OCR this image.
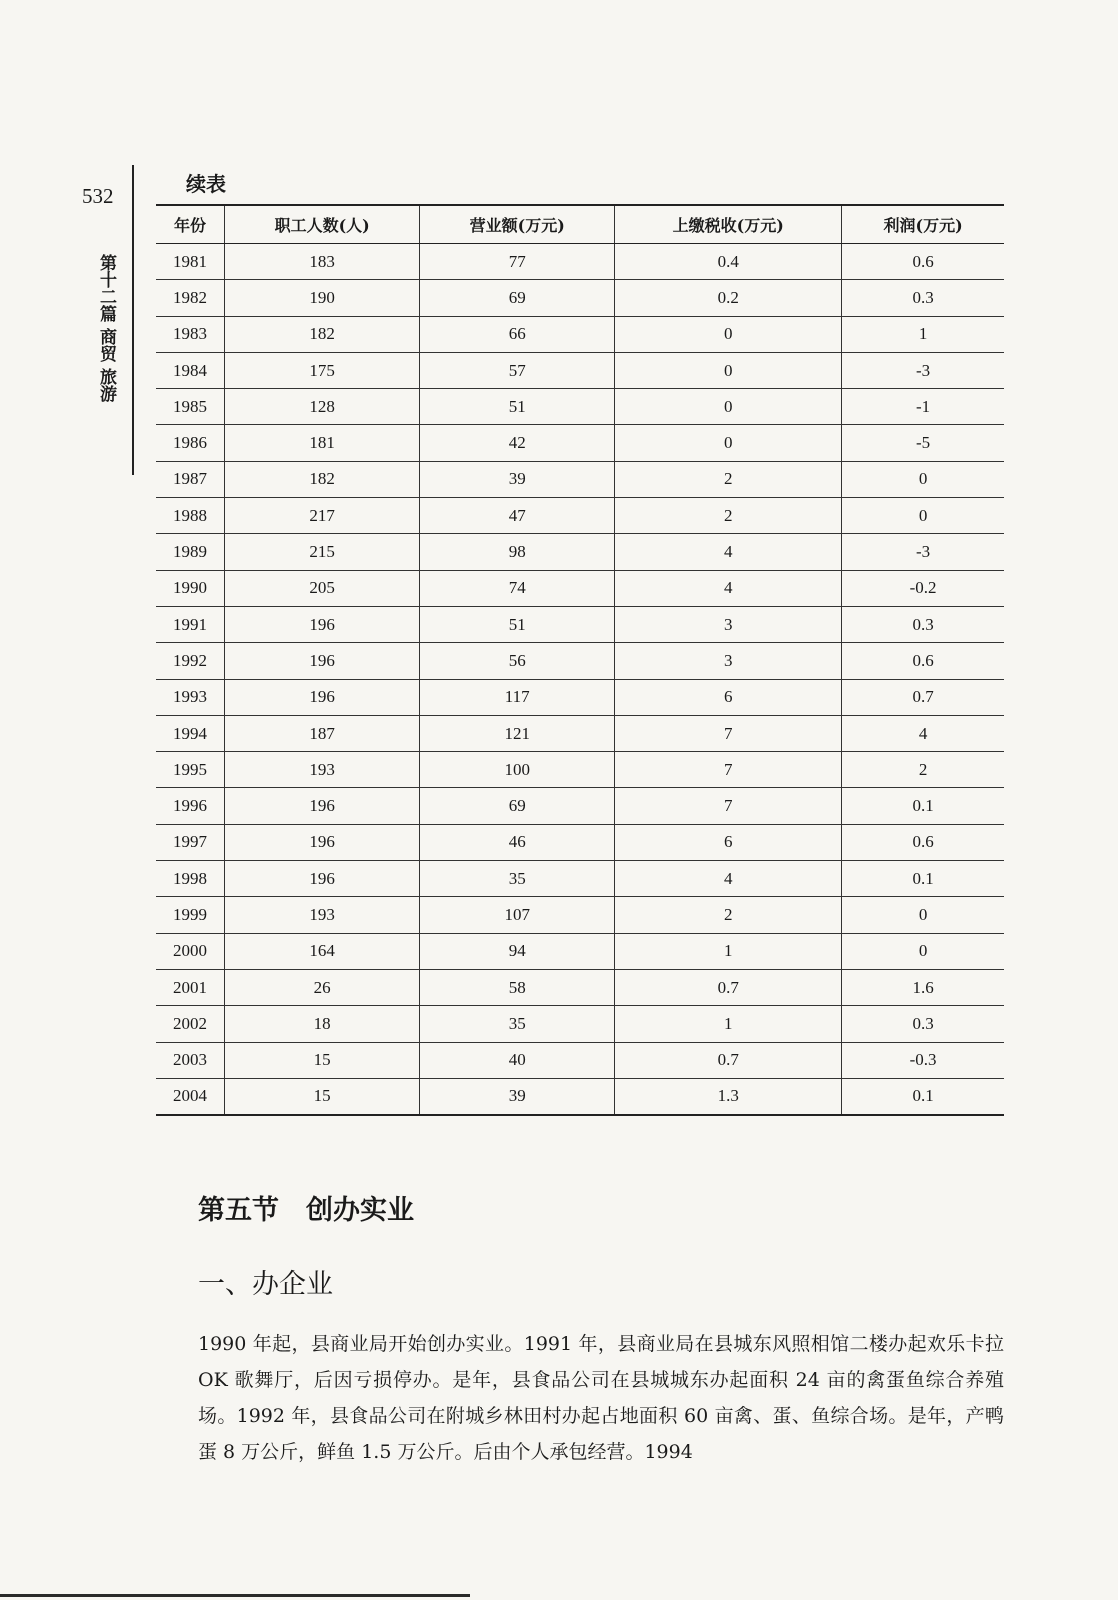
532
第十二篇 商贸 旅游
续表
年份	职工人数(人)	营业额(万元)	上缴税收(万元)	利润(万元)
1981	183	77	0.4	0.6
1982	190	69	0.2	0.3
1983	182	66	0	1
1984	175	57	0	-3
1985	128	51	0	-1
1986	181	42	0	-5
1987	182	39	2	0
1988	217	47	2	0
1989	215	98	4	-3
1990	205	74	4	-0.2
1991	196	51	3	0.3
1992	196	56	3	0.6
1993	196	117	6	0.7
1994	187	121	7	4
1995	193	100	7	2
1996	196	69	7	0.1
1997	196	46	6	0.6
1998	196	35	4	0.1
1999	193	107	2	0
2000	164	94	1	0
2001	26	58	0.7	1.6
2002	18	35	1	0.3
2003	15	40	0.7	-0.3
2004	15	39	1.3	0.1
第五节　创办实业
一、办企业
1990 年起，县商业局开始创办实业。1991 年，县商业局在县城东风照相馆二楼办起欢乐卡拉 OK 歌舞厅，后因亏损停办。是年，县食品公司在县城城东办起面积 24 亩的禽蛋鱼综合养殖场。1992 年，县食品公司在附城乡林田村办起占地面积 60 亩禽、蛋、鱼综合场。是年，产鸭蛋 8 万公斤，鲜鱼 1.5 万公斤。后由个人承包经营。1994
